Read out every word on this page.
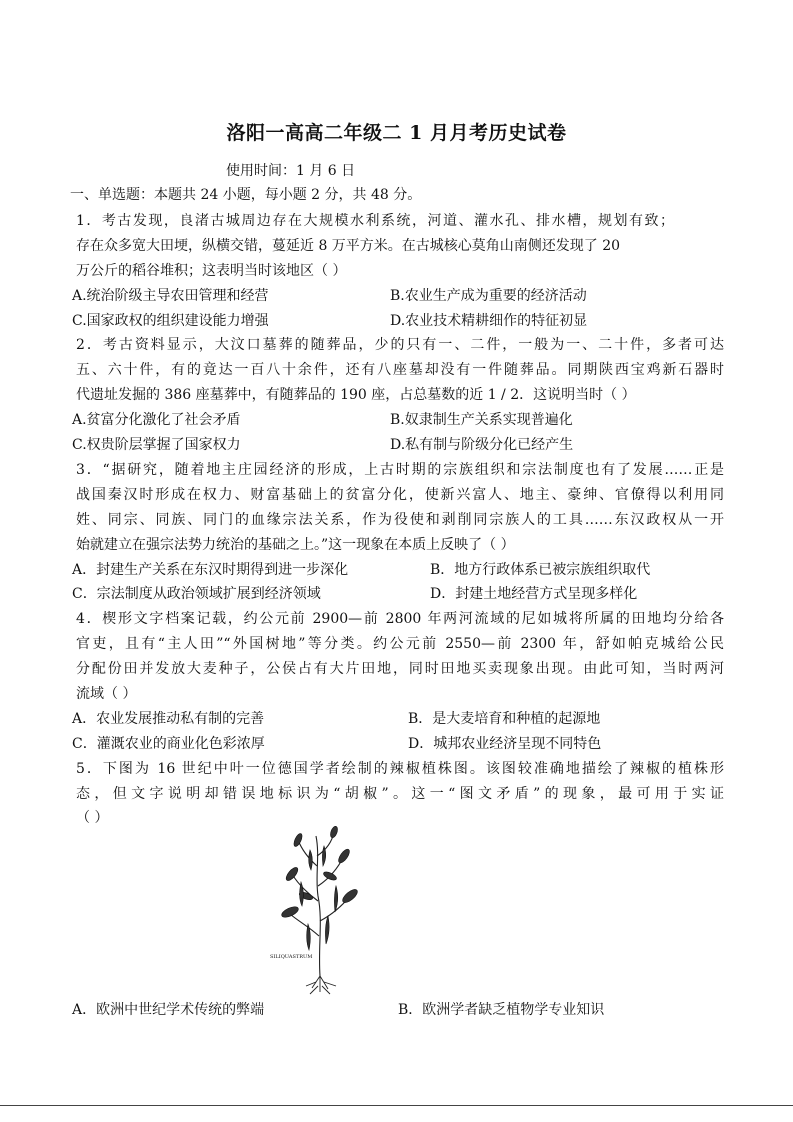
洛阳一高高二年级二 1 月月考历史试卷
使用时间：1 月 6 日
一、单选题：本题共 24 小题，每小题 2 分，共 48 分。
1．考古发现，良渚古城周边存在大规模水利系统，河道、灌水孔、排水槽，规划有致；
存在众多宽大田埂，纵横交错，蔓延近 8 万平方米。在古城核心莫角山南侧还发现了 20
万公斤的稻谷堆积；这表明当时该地区（ ）
A.统治阶级主导农田管理和经营	B.农业生产成为重要的经济活动
C.国家政权的组织建设能力增强	D.农业技术精耕细作的特征初显
2．考古资料显示，大汶口墓葬的随葬品，少的只有一、二件，一般为一、二十件，多者可达
五、六十件，有的竟达一百八十余件，还有八座墓却没有一件随葬品。同期陕西宝鸡新石器时
代遗址发掘的 386 座墓葬中，有随葬品的 190 座，占总墓数的近 1 / 2．这说明当时（ ）
A.贫富分化激化了社会矛盾	B.奴隶制生产关系实现普遍化
C.权贵阶层掌握了国家权力	D.私有制与阶级分化已经产生
3．“据研究，随着地主庄园经济的形成，上古时期的宗族组织和宗法制度也有了发展……正是
战国秦汉时形成在权力、财富基础上的贫富分化，使新兴富人、地主、豪绅、官僚得以利用同
姓、同宗、同族、同门的血缘宗法关系，作为役使和剥削同宗族人的工具……东汉政权从一开
始就建立在强宗法势力统治的基础之上。”这一现象在本质上反映了（ ）
A．封建生产关系在东汉时期得到进一步深化	B．地方行政体系已被宗族组织取代
C．宗法制度从政治领域扩展到经济领域	D．封建土地经营方式呈现多样化
4．楔形文字档案记载，约公元前 2900—前 2800 年两河流域的尼如城将所属的田地均分给各
官吏，且有“主人田”“外国树地”等分类。约公元前 2550—前 2300 年，舒如帕克城给公民
分配份田并发放大麦种子，公侯占有大片田地，同时田地买卖现象出现。由此可知，当时两河
流域（ ）
A．农业发展推动私有制的完善	B．是大麦培育和种植的起源地
C．灌溉农业的商业化色彩浓厚	D．城邦农业经济呈现不同特色
5．下图为 16 世纪中叶一位德国学者绘制的辣椒植株图。该图较准确地描绘了辣椒的植株形
态，但文字说明却错误地标识为“胡椒”。这一“图文矛盾”的现象，最可用于实证
（ ）
SILIQUASTRUM
A．欧洲中世纪学术传统的弊端	B．欧洲学者缺乏植物学专业知识
